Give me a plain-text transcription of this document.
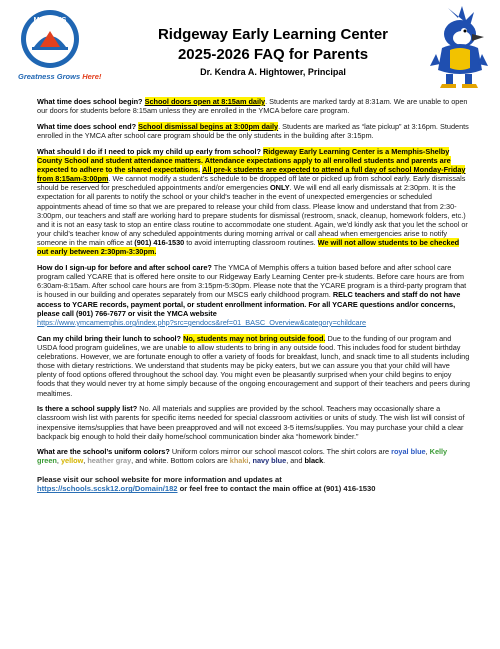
MEMPHIS
Greatness Grows Here!
Ridgeway Early Learning Center
2025-2026 FAQ for Parents
Dr. Kendra A. Hightower, Principal

What time does school begin? School doors open at 8:15am daily. Students are marked tardy at 8:31am. We are unable to open our doors for students before 8:15am unless they are enrolled in the YMCA before care program.

What time does school end? School dismissal begins at 3:00pm daily. Students are marked as “late pickup” at 3:16pm. Students enrolled in the YMCA after school care program should be the only students in the building after 3:15pm.

What should I do if I need to pick my child up early from school? Ridgeway Early Learning Center is a Memphis-Shelby County School and student attendance matters. Attendance expectations apply to all enrolled students and parents are expected to adhere to the shared expectations. All pre-k students are expected to attend a full day of school Monday-Friday from 8:15am-3:00pm. We cannot modify a student’s schedule to be dropped off late or picked up from school early. Early dismissals should be reserved for prescheduled appointments and/or emergencies ONLY. We will end all early dismissals at 2:30pm. It is the expectation for all parents to notify the school or your child’s teacher in the event of unexpected emergencies or scheduled appointments ahead of time so that we are prepared to release your child from class. Please know and understand that from 2:30-3:00pm, our teachers and staff are working hard to prepare students for dismissal (restroom, snack, cleanup, homework folders, etc.) and it is not an easy task to stop an entire class routine to accommodate one student. Again, we’d kindly ask that you let the school or your child’s teacher know of any scheduled appointments during morning arrival or call ahead when emergencies arise to notify someone in the main office at (901) 416-1530 to avoid interrupting classroom routines. We will not allow students to be checked out early between 2:30pm-3:30pm.

How do I sign-up for before and after school care? The YMCA of Memphis offers a tuition based before and after school care program called YCARE that is offered here onsite to our Ridgeway Early Learning Center pre-k students. Before care hours are from 6:30am-8:15am. After school care hours are from 3:15pm-5:30pm. Please note that the YCARE program is a third-party program that is housed in our building and operates separately from our MSCS early childhood program. RELC teachers and staff do not have access to YCARE records, payment portal, or student enrollment information. For all YCARE questions and/or concerns, please call (901) 766-7677 or visit the YMCA website
https://www.ymcamemphis.org/index.php?src=gendocs&ref=01_BASC_Overview&category=childcare

Can my child bring their lunch to school? No, students may not bring outside food. Due to the funding of our program and USDA food program guidelines, we are unable to allow students to bring in any outside food. This includes food for student birthday celebrations. However, we are fortunate enough to offer a variety of foods for breakfast, lunch, and snack time to all students including those with dietary restrictions. We understand that students may be picky eaters, but we can assure you that your child will have plenty of food options offered throughout the school day. You might even be pleasantly surprised when your child begins to enjoy foods that they would never try at home simply because of the ongoing encouragement and support of their teachers and peers during mealtimes.

Is there a school supply list? No. All materials and supplies are provided by the school. Teachers may occasionally share a classroom wish list with parents for specific items needed for special classroom activities or units of study. The wish list will consist of inexpensive items/supplies that have been preapproved and will not exceed 3-5 items/supplies. You may purchase your child a clear backpack big enough to hold their daily home/school communication binder aka “homework binder.”

What are the school’s uniform colors? Uniform colors mirror our school mascot colors. The shirt colors are royal blue, Kelly green, yellow, heather gray, and white. Bottom colors are khaki, navy blue, and black.

Please visit our school website for more information and updates at
https://schools.scsk12.org/Domain/182 or feel free to contact the main office at (901) 416-1530
